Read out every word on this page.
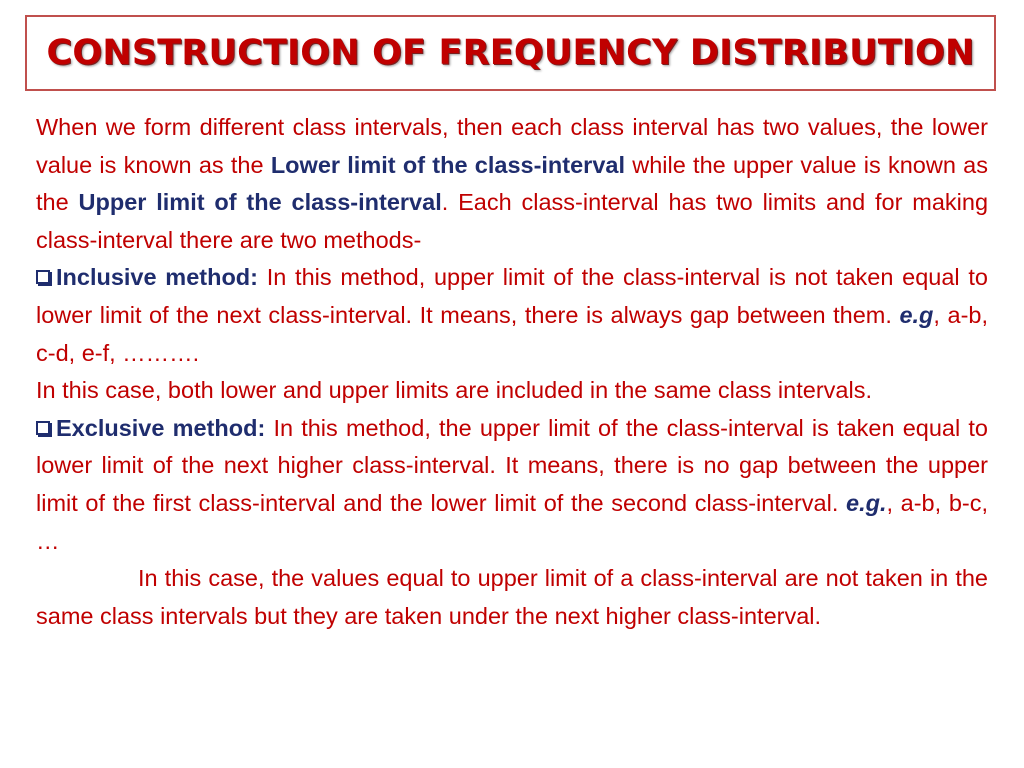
CONSTRUCTION OF FREQUENCY DISTRIBUTION

When we form different class intervals, then each class interval has two values, the lower value is known as the Lower limit of the class-interval while the upper value is known as the Upper limit of the class-interval. Each class-interval has two limits and for making class-interval there are two methods-

Inclusive method: In this method, upper limit of the class-interval is not taken equal to lower limit of the next class-interval. It means, there is always gap between them. e.g, a-b, c-d, e-f, ……….

In this case, both lower and upper limits are included in the same class intervals.

Exclusive method: In this method, the upper limit of the class-interval is taken equal to lower limit of the next higher class-interval. It means, there is no gap between the upper limit of the first class-interval and the lower limit of the second class-interval. e.g., a-b, b-c, …

In this case, the values equal to upper limit of a class-interval are not taken in the same class intervals but they are taken under the next higher class-interval.
